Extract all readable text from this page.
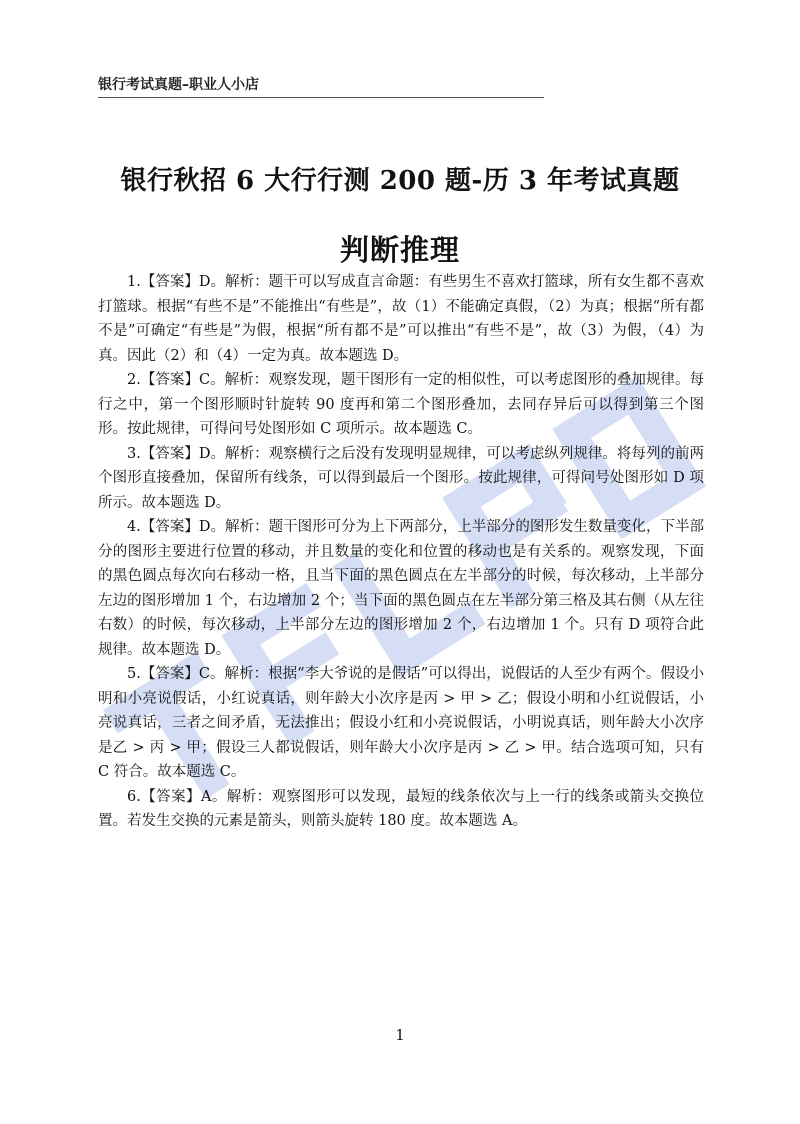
银行考试真题–职业人小店
银行秋招 6 大行行测 200 题-历 3 年考试真题
判断推理

1.【答案】D。解析：题干可以写成直言命题：有些男生不喜欢打篮球，所有女生都不喜欢打篮球。根据“有些不是”不能推出“有些是”，故（1）不能确定真假，（2）为真；根据“所有都不是”可确定“有些是”为假，根据“所有都不是”可以推出“有些不是”，故（3）为假，（4）为真。因此（2）和（4）一定为真。故本题选 D。

2.【答案】C。解析：观察发现，题干图形有一定的相似性，可以考虑图形的叠加规律。每行之中，第一个图形顺时针旋转 90 度再和第二个图形叠加，去同存异后可以得到第三个图形。按此规律，可得问号处图形如 C 项所示。故本题选 C。

3.【答案】D。解析：观察横行之后没有发现明显规律，可以考虑纵列规律。将每列的前两个图形直接叠加，保留所有线条，可以得到最后一个图形。按此规律，可得问号处图形如 D 项所示。故本题选 D。

4.【答案】D。解析：题干图形可分为上下两部分，上半部分的图形发生数量变化，下半部分的图形主要进行位置的移动，并且数量的变化和位置的移动也是有关系的。观察发现，下面的黑色圆点每次向右移动一格，且当下面的黑色圆点在左半部分的时候，每次移动，上半部分左边的图形增加 1 个，右边增加 2 个；当下面的黑色圆点在左半部分第三格及其右侧（从左往右数）的时候，每次移动，上半部分左边的图形增加 2 个，右边增加 1 个。只有 D 项符合此规律。故本题选 D。

5.【答案】C。解析：根据“李大爷说的是假话”可以得出，说假话的人至少有两个。假设小明和小亮说假话，小红说真话，则年龄大小次序是丙 > 甲 > 乙；假设小明和小红说假话，小亮说真话，三者之间矛盾，无法推出；假设小红和小亮说假话，小明说真话，则年龄大小次序是乙 > 丙 > 甲；假设三人都说假话，则年龄大小次序是丙 > 乙 > 甲。结合选项可知，只有 C 符合。故本题选 C。

6.【答案】A。解析：观察图形可以发现，最短的线条依次与上一行的线条或箭头交换位置。若发生交换的元素是箭头，则箭头旋转 180 度。故本题选 A。

1
